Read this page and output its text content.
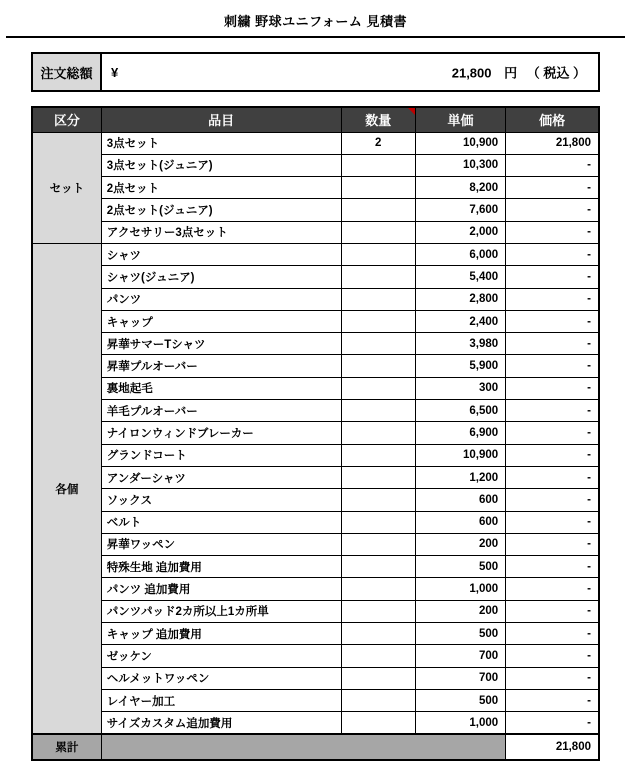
刺繍 野球ユニフォーム 見積書
注文総額	¥	21,800 円 （ 税込 ）
区分	品目	数量	単価	価格
セット	3点セット	2	10,900	21,800
	3点セット(ジュニア)		10,300	-
	2点セット		8,200	-
	2点セット(ジュニア)		7,600	-
	アクセサリー3点セット		2,000	-
各個	シャツ		6,000	-
	シャツ(ジュニア)		5,400	-
	パンツ		2,800	-
	キャップ		2,400	-
	昇華サマーTシャツ		3,980	-
	昇華プルオーバー		5,900	-
	裏地起毛		300	-
	羊毛プルオーバー		6,500	-
	ナイロンウィンドブレーカー		6,900	-
	グランドコート		10,900	-
	アンダーシャツ		1,200	-
	ソックス		600	-
	ベルト		600	-
	昇華ワッペン		200	-
	特殊生地 追加費用		500	-
	パンツ 追加費用		1,000	-
	パンツパッド2カ所以上1カ所単		200	-
	キャップ 追加費用		500	-
	ゼッケン		700	-
	ヘルメットワッペン		700	-
	レイヤー加工		500	-
	サイズカスタム追加費用		1,000	-
累計				21,800
